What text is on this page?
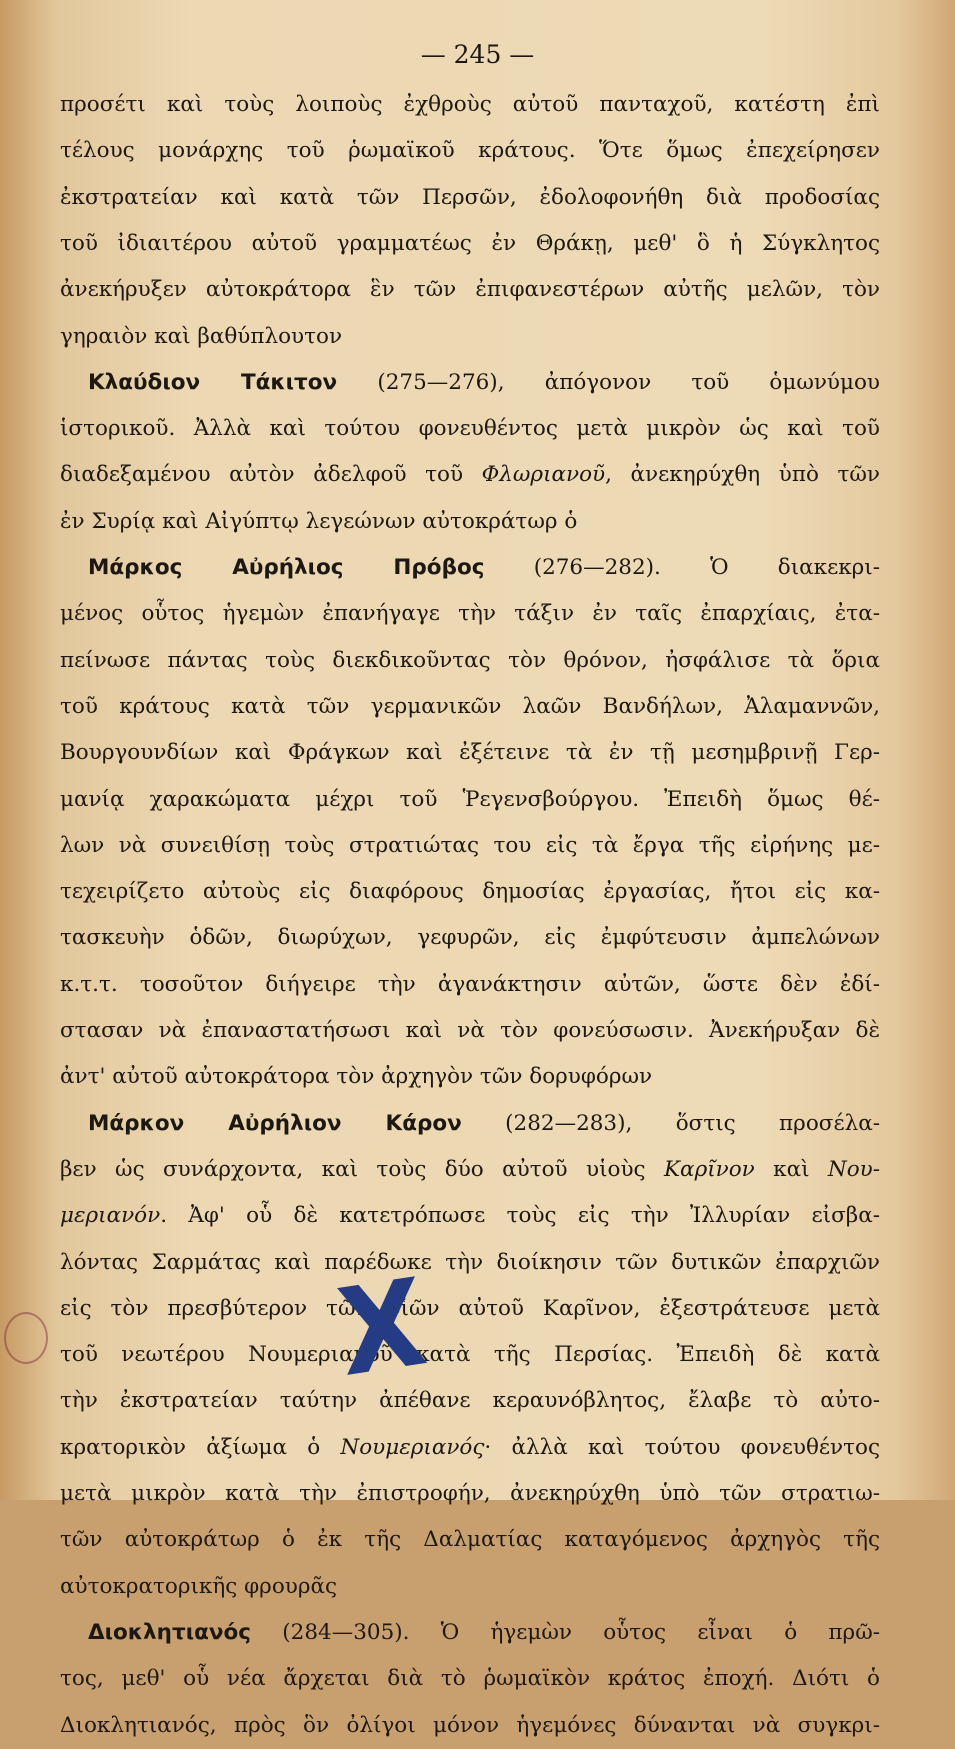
— 245 —
προσέτι καὶ τοὺς λοιποὺς ἐχθροὺς αὐτοῦ πανταχοῦ, κατέστη ἐπὶ
τέλους μονάρχης τοῦ ῥωμαϊκοῦ κράτους. Ὅτε ὅμως ἐπεχείρησεν
ἐκστρατείαν καὶ κατὰ τῶν Περσῶν, ἐδολοφονήθη διὰ προδοσίας
τοῦ ἰδιαιτέρου αὐτοῦ γραμματέως ἐν Θράκῃ, μεθ' ὃ ἡ Σύγκλητος
ἀνεκήρυξεν αὐτοκράτορα ἓν τῶν ἐπιφανεστέρων αὐτῆς μελῶν, τὸν
γηραιὸν καὶ βαθύπλουτον
Κλαύδιον Τάκιτον (275—276), ἀπόγονον τοῦ ὁμωνύμου
ἱστορικοῦ. Ἀλλὰ καὶ τούτου φονευθέντος μετὰ μικρὸν ὡς καὶ τοῦ
διαδεξαμένου αὐτὸν ἀδελφοῦ τοῦ Φλωριανοῦ, ἀνεκηρύχθη ὑπὸ τῶν
ἐν Συρίᾳ καὶ Αἰγύπτῳ λεγεώνων αὐτοκράτωρ ὁ
Μάρκος Αὐρήλιος Πρόβος (276—282). Ὁ διακεκρι-
μένος οὗτος ἡγεμὼν ἐπανήγαγε τὴν τάξιν ἐν ταῖς ἐπαρχίαις, ἐτα-
πείνωσε πάντας τοὺς διεκδικοῦντας τὸν θρόνον, ἠσφάλισε τὰ ὅρια
τοῦ κράτους κατὰ τῶν γερμανικῶν λαῶν Βανδήλων, Ἀλαμαννῶν,
Βουργουνδίων καὶ Φράγκων καὶ ἐξέτεινε τὰ ἐν τῇ μεσημβρινῇ Γερ-
μανίᾳ χαρακώματα μέχρι τοῦ Ῥεγενσβούργου. Ἐπειδὴ ὅμως θέ-
λων νὰ συνειθίσῃ τοὺς στρατιώτας του εἰς τὰ ἔργα τῆς εἰρήνης με-
τεχειρίζετο αὐτοὺς εἰς διαφόρους δημοσίας ἐργασίας, ἤτοι εἰς κα-
τασκευὴν ὁδῶν, διωρύχων, γεφυρῶν, εἰς ἐμφύτευσιν ἀμπελώνων
κ.τ.τ. τοσοῦτον διήγειρε τὴν ἀγανάκτησιν αὐτῶν, ὥστε δὲν ἐδί-
στασαν νὰ ἐπαναστατήσωσι καὶ νὰ τὸν φονεύσωσιν. Ἀνεκήρυξαν δὲ
ἀντ' αὐτοῦ αὐτοκράτορα τὸν ἀρχηγὸν τῶν δορυφόρων
Μάρκον Αὐρήλιον Κάρον (282—283), ὅστις προσέλα-
βεν ὡς συνάρχοντα, καὶ τοὺς δύο αὐτοῦ υἱοὺς Καρῖνον καὶ Νου-
μεριανόν. Ἀφ' οὗ δὲ κατετρόπωσε τοὺς εἰς τὴν Ἰλλυρίαν εἰσβα-
λόντας Σαρμάτας καὶ παρέδωκε τὴν διοίκησιν τῶν δυτικῶν ἐπαρχιῶν
εἰς τὸν πρεσβύτερον τῶν υἱῶν αὐτοῦ Καρῖνον, ἐξεστράτευσε μετὰ
τοῦ νεωτέρου Νουμεριανοῦ κατὰ τῆς Περσίας. Ἐπειδὴ δὲ κατὰ
τὴν ἐκστρατείαν ταύτην ἀπέθανε κεραυνόβλητος, ἔλαβε τὸ αὐτο-
κρατορικὸν ἀξίωμα ὁ Νουμεριανός· ἀλλὰ καὶ τούτου φονευθέντος
μετὰ μικρὸν κατὰ τὴν ἐπιστροφήν, ἀνεκηρύχθη ὑπὸ τῶν στρατιω-
τῶν αὐτοκράτωρ ὁ ἐκ τῆς Δαλματίας καταγόμενος ἀρχηγὸς τῆς
αὐτοκρατορικῆς φρουρᾶς
Διοκλητιανός (284—305). Ὁ ἡγεμὼν οὗτος εἶναι ὁ πρῶ-
τος, μεθ' οὗ νέα ἄρχεται διὰ τὸ ῥωμαϊκὸν κράτος ἐποχή. Διότι ὁ
Διοκλητιανός, πρὸς ὃν ὀλίγοι μόνον ἡγεμόνες δύνανται νὰ συγκρι-
X
